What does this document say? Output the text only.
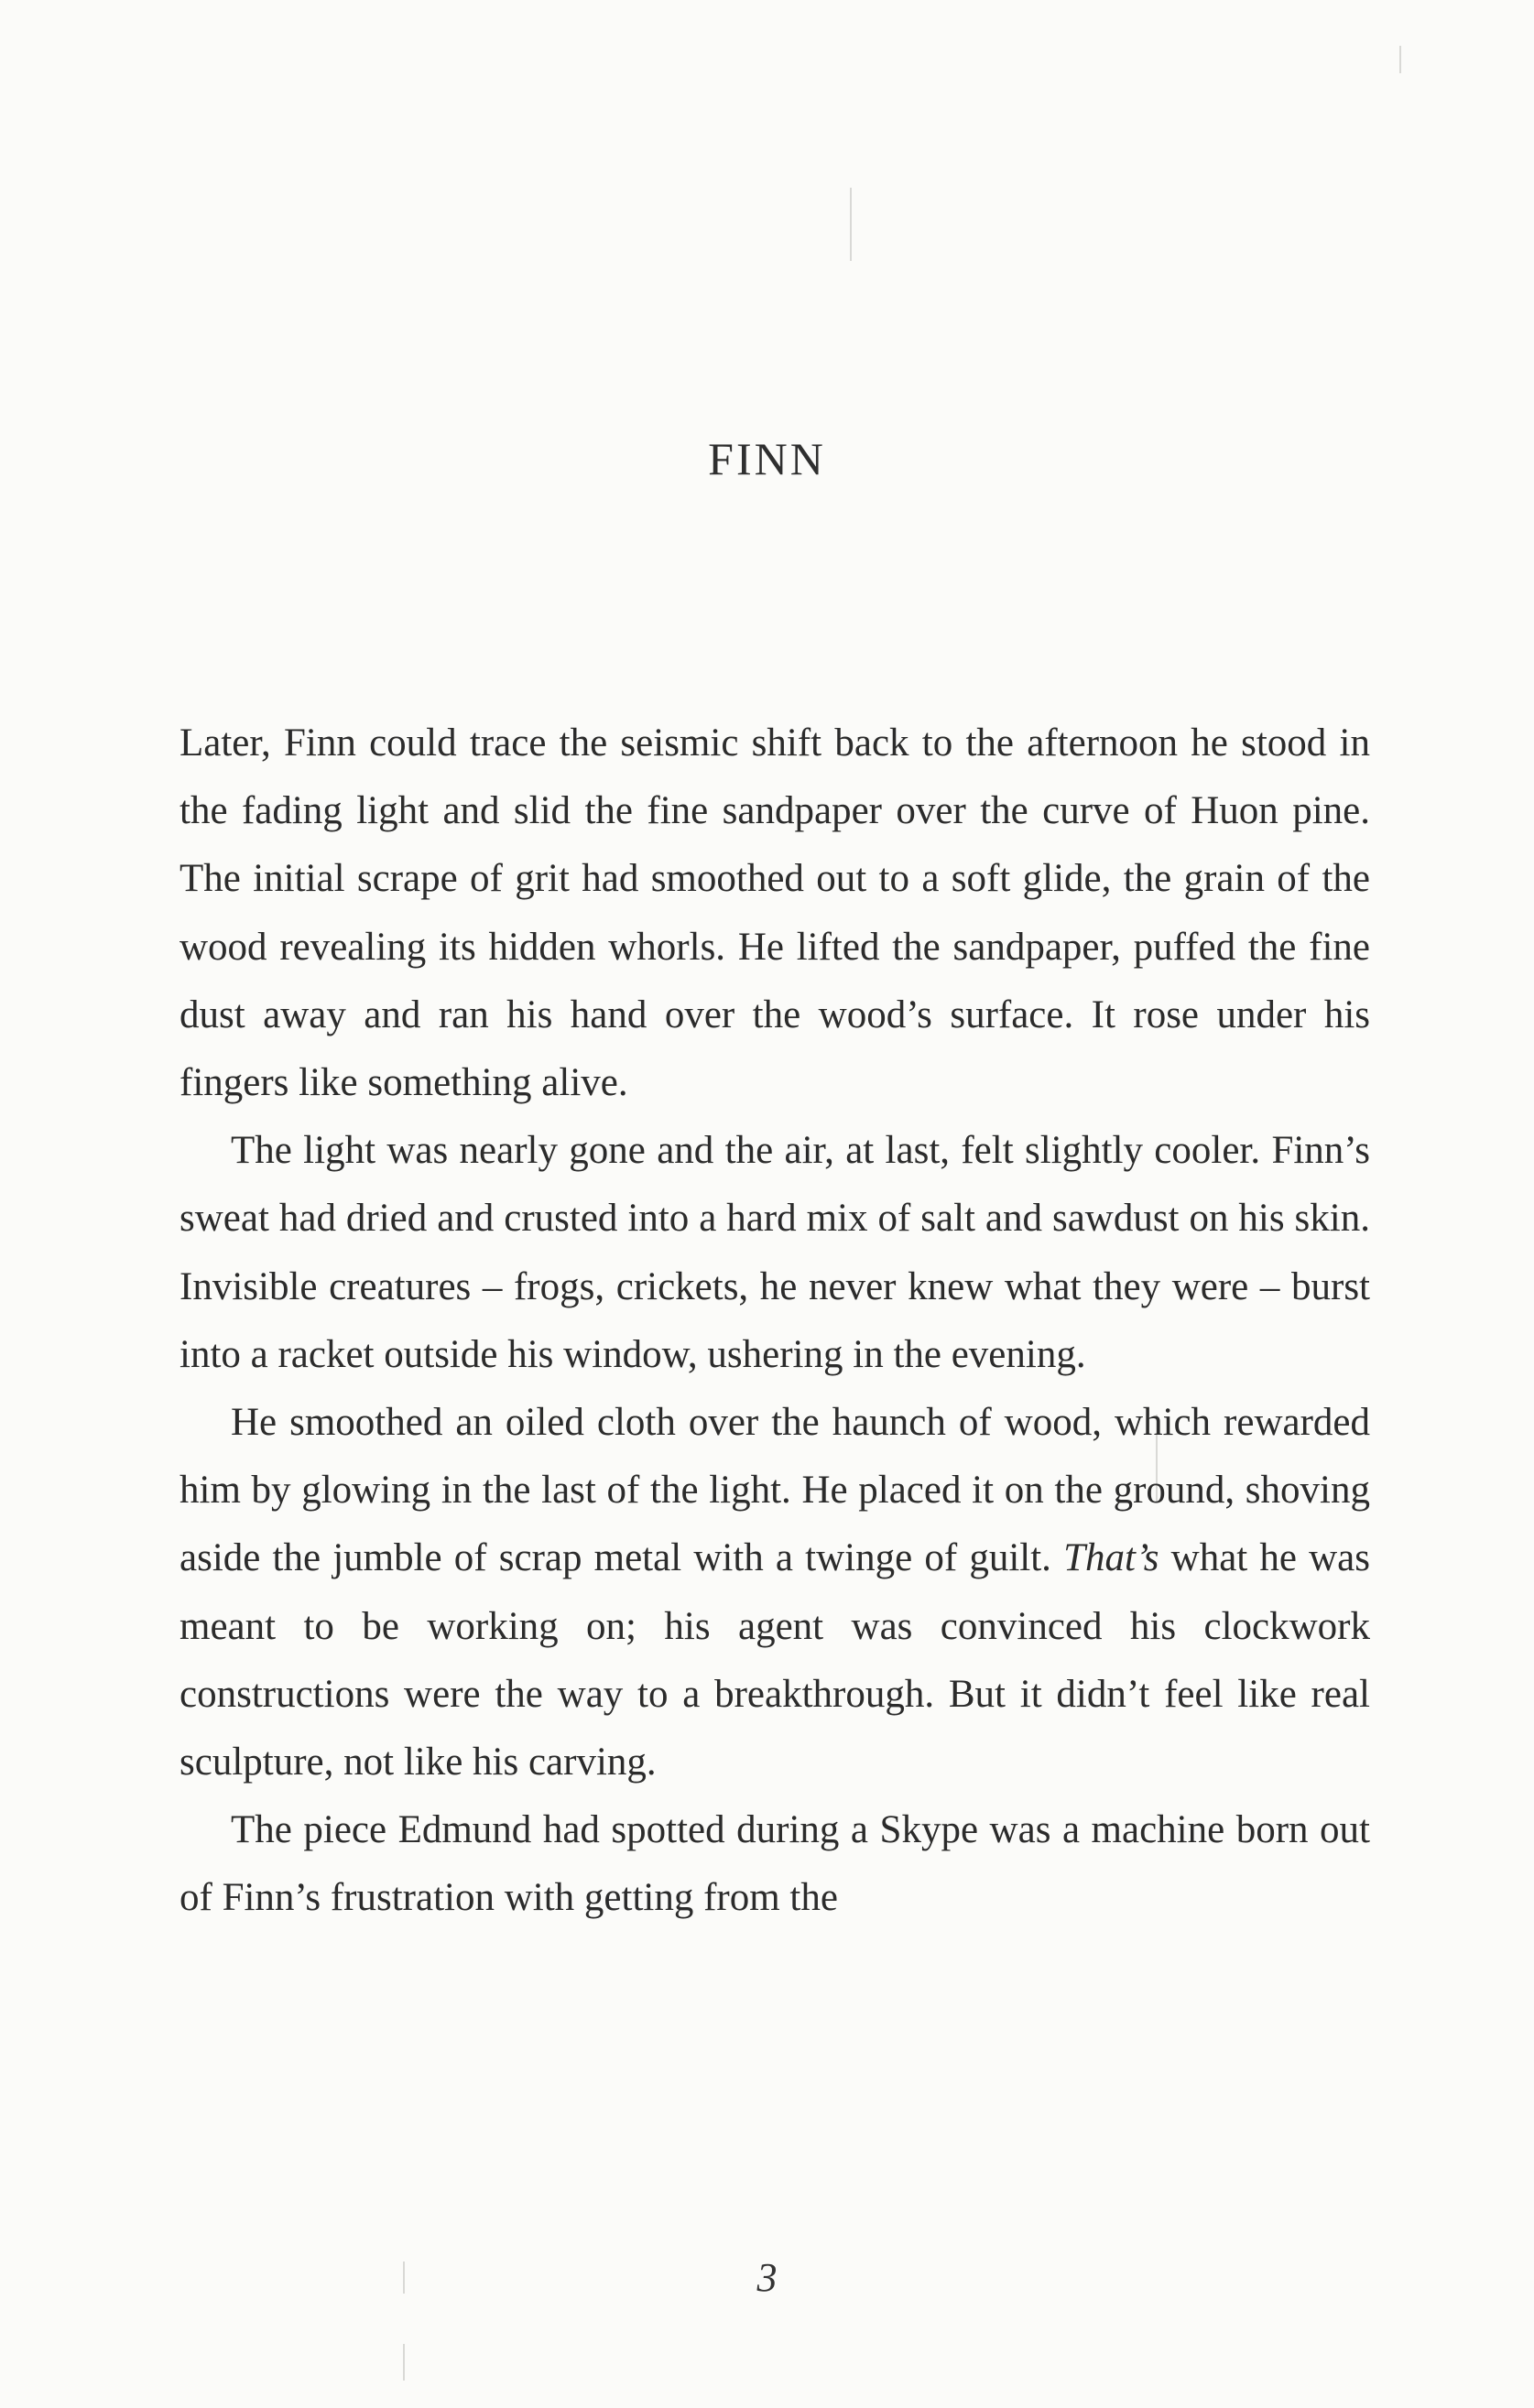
FINN

Later, Finn could trace the seismic shift back to the afternoon he stood in the fading light and slid the fine sandpaper over the curve of Huon pine. The initial scrape of grit had smoothed out to a soft glide, the grain of the wood revealing its hidden whorls. He lifted the sandpaper, puffed the fine dust away and ran his hand over the wood’s surface. It rose under his fingers like something alive.

The light was nearly gone and the air, at last, felt slightly cooler. Finn’s sweat had dried and crusted into a hard mix of salt and sawdust on his skin. Invisible creatures – frogs, crickets, he never knew what they were – burst into a racket outside his window, ushering in the evening.

He smoothed an oiled cloth over the haunch of wood, which rewarded him by glowing in the last of the light. He placed it on the ground, shoving aside the jumble of scrap metal with a twinge of guilt. That’s what he was meant to be working on; his agent was convinced his clockwork constructions were the way to a breakthrough. But it didn’t feel like real sculpture, not like his carving.

The piece Edmund had spotted during a Skype was a machine born out of Finn’s frustration with getting from the

3
